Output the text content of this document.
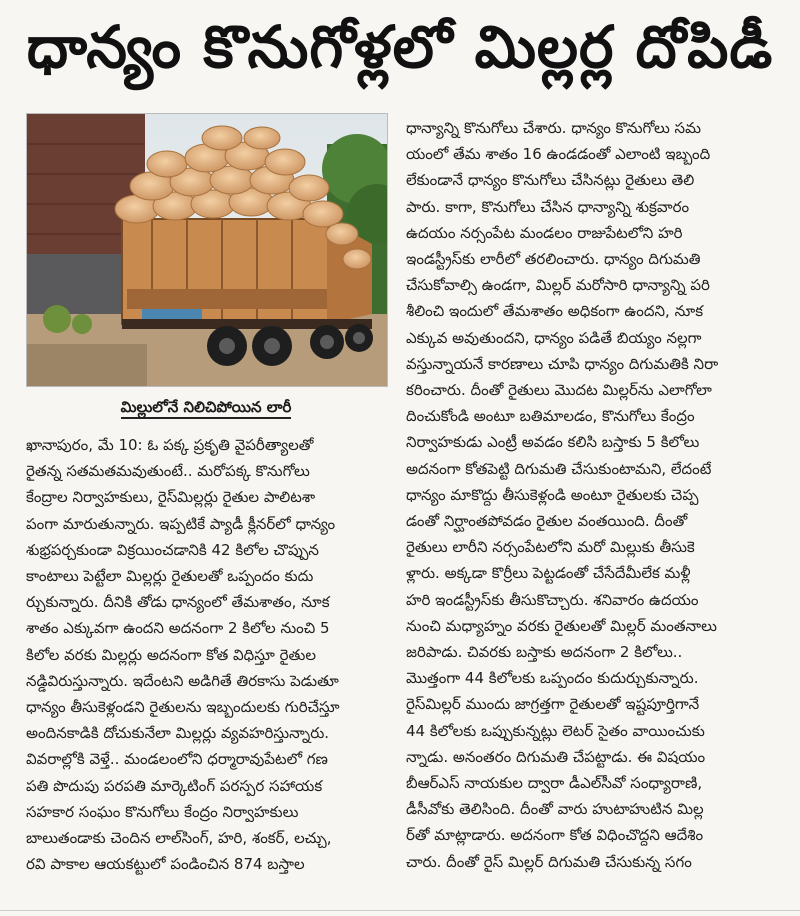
ధాన్యం కొనుగోళ్లలో మిల్లర్ల దోపిడీ
మిల్లులోనే నిలిచిపోయిన లారీ

ఖానాపురం, మే 10: ఓ పక్క ప్రకృతి వైపరీత్యాలతో

రైతన్న సతమతమవుతుంటే.. మరోపక్క కొనుగోలు

కేంద్రాల నిర్వాహకులు, రైస్‌మిల్లర్లు రైతుల పాలిటశా

పంగా మారుతున్నారు. ఇప్పటికే ప్యాడీ క్లీనర్‌లో ధాన్యం

శుభ్రపర్చకుండా విక్రయించడానికి 42 కిలోల చొప్పున

కాంటాలు పెట్టేలా మిల్లర్లు రైతులతో ఒప్పందం కుదు

ర్చుకున్నారు. దీనికి తోడు ధాన్యంలో తేమశాతం, నూక

శాతం ఎక్కువగా ఉందని అదనంగా 2 కిలోల నుంచి 5

కిలోల వరకు మిల్లర్లు అదనంగా కోత విధిస్తూ రైతుల

నడ్డివిరుస్తున్నారు. ఇదేంటని అడిగితే తిరకాసు పెడుతూ

ధాన్యం తీసుకెళ్లండని రైతులను ఇబ్బందులకు గురిచేస్తూ

అందినకాడికి దోచుకునేలా మిల్లర్లు వ్యవహరిస్తున్నారు.

వివరాల్లోకి వెళ్తే.. మండలంలోని ధర్మారావుపేటలో గణ

పతి పొదుపు పరపతి మార్కెటింగ్ పరస్పర సహాయక

సహకార సంఘం కొనుగోలు కేంద్రం నిర్వాహకులు

బాలుతండాకు చెందిన లాల్‌సింగ్, హరి, శంకర్, లచ్చు,

రవి పాకాల ఆయకట్టులో పండించిన 874 బస్తాల

ధాన్యాన్ని కొనుగోలు చేశారు. ధాన్యం కొనుగోలు సమ

యంలో తేమ శాతం 16 ఉండడంతో ఎలాంటి ఇబ్బంది

లేకుండానే ధాన్యం కొనుగోలు చేసినట్లు రైతులు తెలి

పారు. కాగా, కొనుగోలు చేసిన ధాన్యాన్ని శుక్రవారం

ఉదయం నర్సంపేట మండలం రాజుపేటలోని హరి

ఇండస్ట్రీస్‌కు లారీలో తరలించారు. ధాన్యం దిగుమతి

చేసుకోవాల్సి ఉండగా, మిల్లర్ మరోసారి ధాన్యాన్ని పరి

శీలించి ఇందులో తేమశాతం అధికంగా ఉందని, నూక

ఎక్కువ అవుతుందని, ధాన్యం పడితే బియ్యం నల్లగా

వస్తున్నాయనే కారణాలు చూపి ధాన్యం దిగుమతికి నిరా

కరించారు. దీంతో రైతులు మొదట మిల్లర్‌ను ఎలాగోలా

దించుకోండి అంటూ బతిమాలడం, కొనుగోలు కేంద్రం

నిర్వాహకుడు ఎంట్రీ అవడం కలిసి బస్తాకు 5 కిలోలు

అదనంగా కోతపెట్టి దిగుమతి చేసుకుంటామని, లేదంటే

ధాన్యం మాకొద్దు తీసుకెళ్లండి అంటూ రైతులకు చెప్ప

డంతో నిర్ఘాంతపోవడం రైతుల వంతయింది. దీంతో

రైతులు లారీని నర్సంపేటలోని మరో మిల్లుకు తీసుకె

ళ్లారు. అక్కడా కొర్రీలు పెట్టడంతో చేసేదేమీలేక మళ్లీ

హరి ఇండస్ట్రీస్‌కు తీసుకొచ్చారు. శనివారం ఉదయం

నుంచి మధ్యాహ్నం వరకు రైతులతో మిల్లర్ మంతనాలు

జరిపాడు. చివరకు బస్తాకు అదనంగా 2 కిలోలు..

మొత్తంగా 44 కిలోలకు ఒప్పందం కుదుర్చుకున్నారు.

రైస్‌మిల్లర్ ముందు జాగ్రత్తగా రైతులతో ఇష్టపూర్తిగానే

44 కిలోలకు ఒప్పుకున్నట్లు లెటర్ సైతం వాయించుకు

న్నాడు. అనంతరం దిగుమతి చేపట్టాడు. ఈ విషయం

బీఆర్ఎస్ నాయకుల ద్వారా డీఎల్‌సీవో సంధ్యారాణి,

డీసీవోకు తెలిసింది. దీంతో వారు హుటాహుటిన మిల్ల

ర్‌తో మాట్లాడారు. అదనంగా కోత విధించొద్దని ఆదేశిం

చారు. దీంతో రైస్ మిల్లర్ దిగుమతి చేసుకున్న సగం
